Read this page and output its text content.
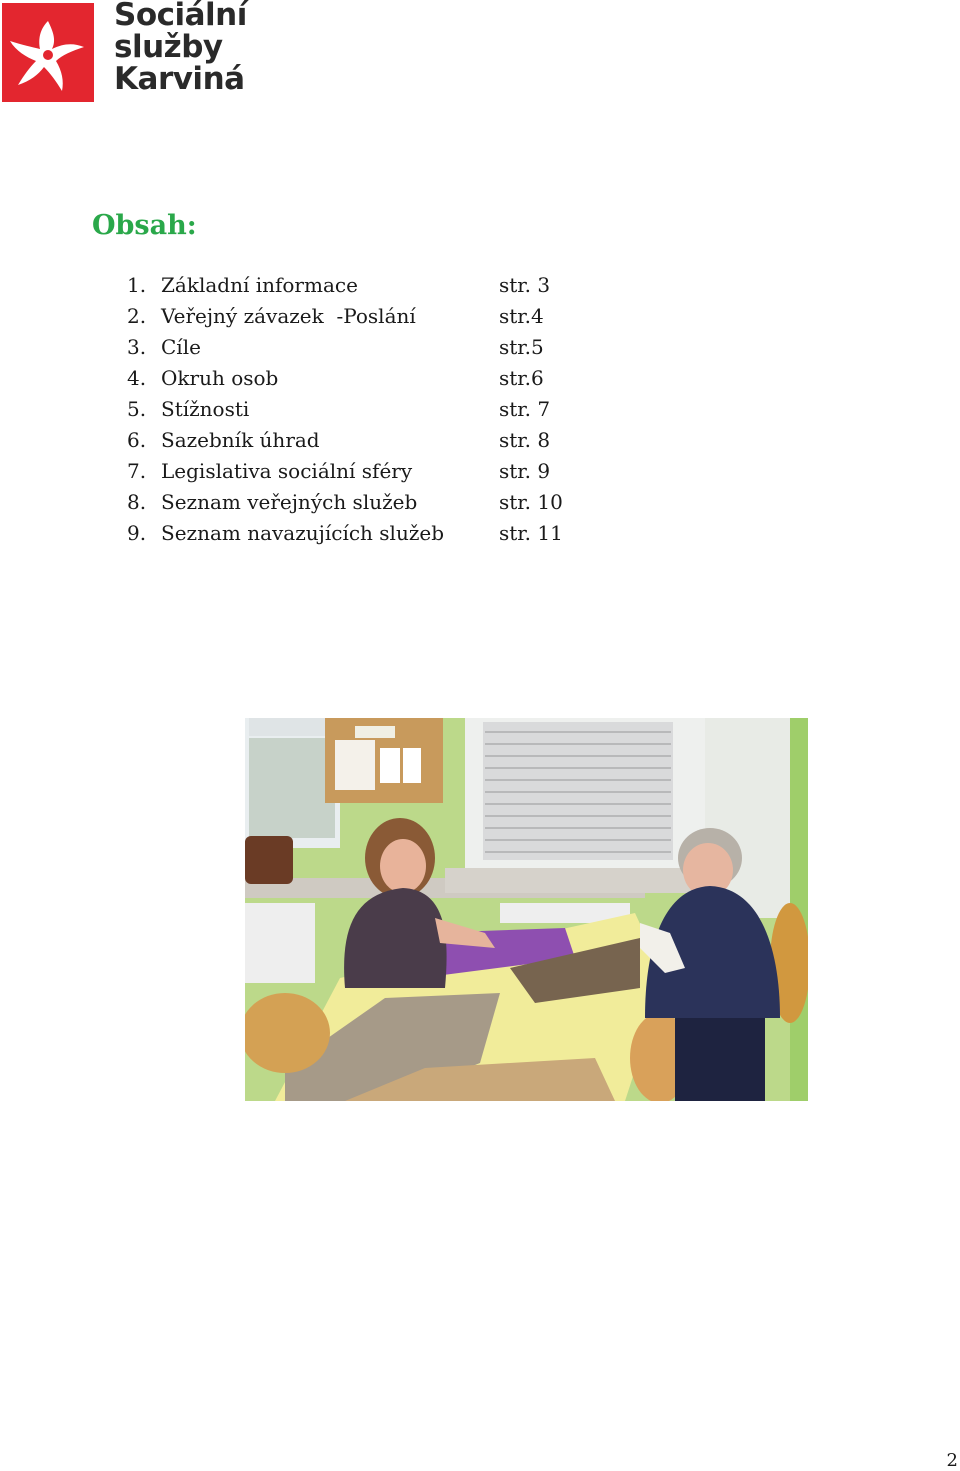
Sociální
služby
Karviná
Obsah:
1. Základní informace	str. 3
2. Veřejný závazek  -Poslání	str.4
3. Cíle	str.5
4. Okruh osob	str.6
5. Stížnosti	str. 7
6. Sazebník úhrad	str. 8
7. Legislativa sociální sféry	str. 9
8. Seznam veřejných služeb	str. 10
9. Seznam navazujících služeb	str. 11
2
